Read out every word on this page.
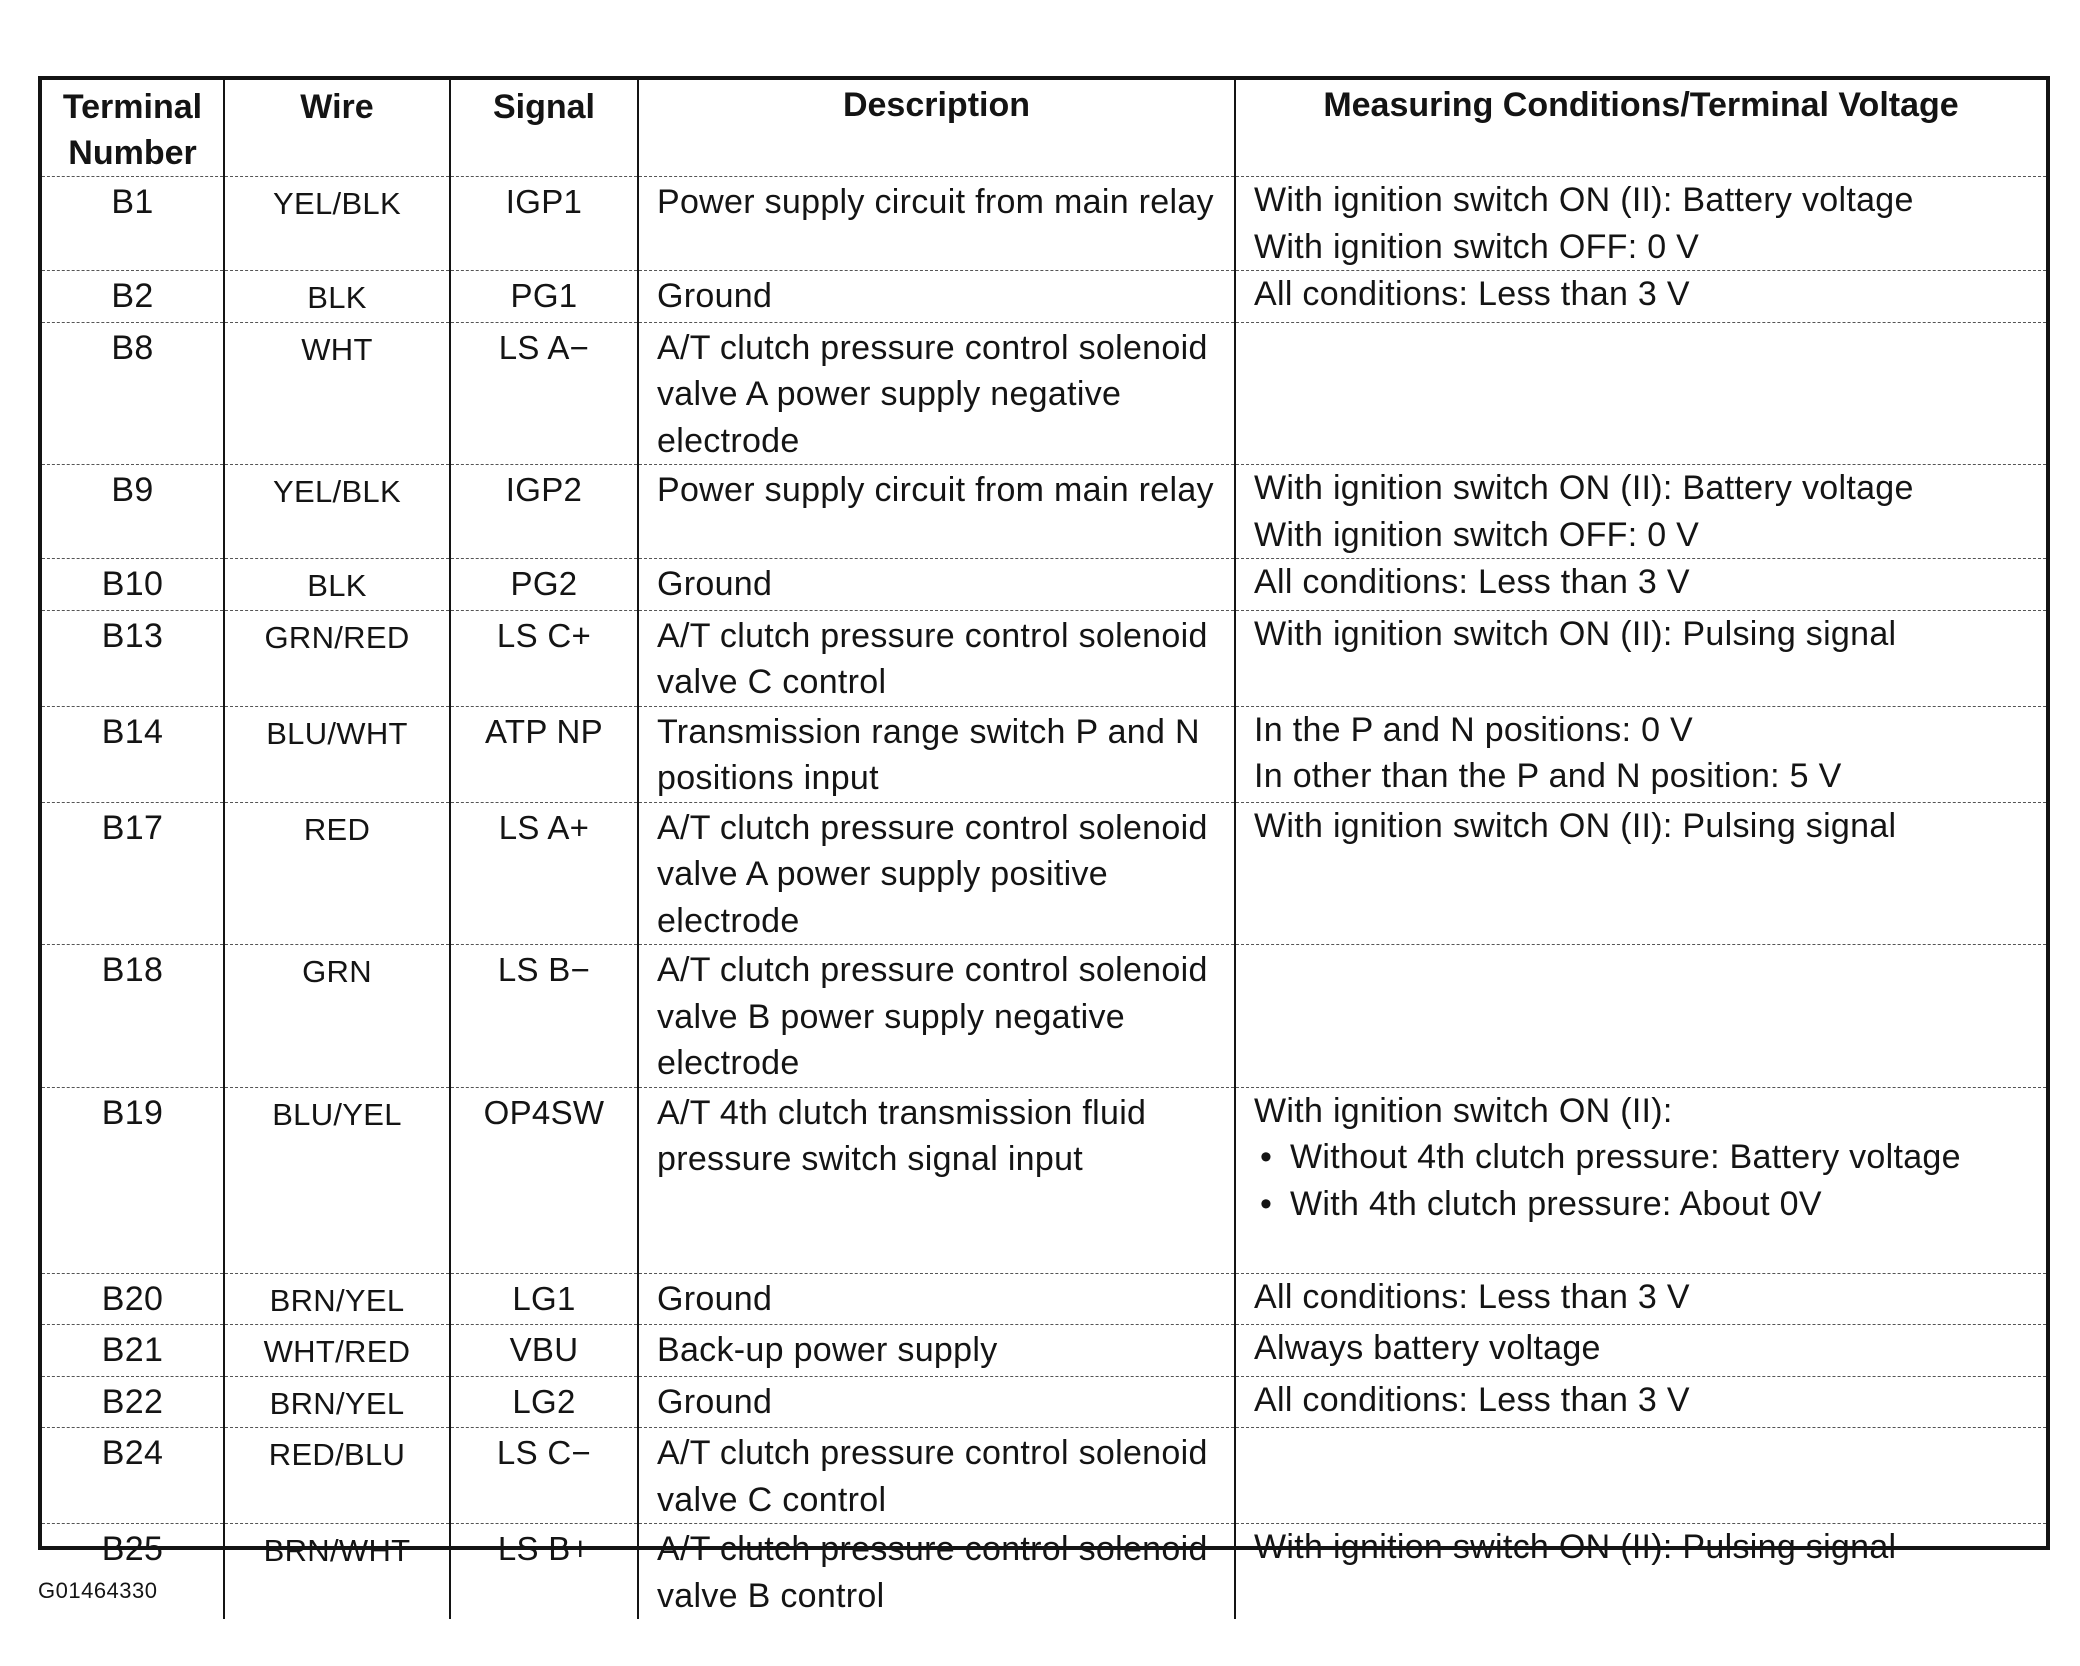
Terminal Number	Wire	Signal	Description	Measuring Conditions/Terminal Voltage
B1	YEL/BLK	IGP1	Power supply circuit from main relay	With ignition switch ON (II): Battery voltage
With ignition switch OFF: 0 V

B2	BLK	PG1	Ground	All conditions: Less than 3 V

B8	WHT	LS A−	A/T clutch pressure control solenoid valve A power supply negative electrode	
B9	YEL/BLK	IGP2	Power supply circuit from main relay	With ignition switch ON (II): Battery voltage
With ignition switch OFF: 0 V

B10	BLK	PG2	Ground	All conditions: Less than 3 V

B13	GRN/RED	LS C+	A/T clutch pressure control solenoid valve C control	With ignition switch ON (II): Pulsing signal

B14	BLU/WHT	ATP NP	Transmission range switch P and N positions input	In the P and N positions: 0 V
In other than the P and N position: 5 V

B17	RED	LS A+	A/T clutch pressure control solenoid valve A power supply positive electrode	With ignition switch ON (II): Pulsing signal

B18	GRN	LS B−	A/T clutch pressure control solenoid valve B power supply negative electrode	
B19	BLU/YEL	OP4SW	A/T 4th clutch transmission fluid pressure switch signal input	With ignition switch ON (II):
• Without 4th clutch pressure: Battery voltage
• With 4th clutch pressure: About 0V

B20	BRN/YEL	LG1	Ground	All conditions: Less than 3 V

B21	WHT/RED	VBU	Back-up power supply	Always battery voltage

B22	BRN/YEL	LG2	Ground	All conditions: Less than 3 V

B24	RED/BLU	LS C−	A/T clutch pressure control solenoid valve C control	
B25	BRN/WHT	LS B+	A/T clutch pressure control solenoid valve B control	With ignition switch ON (II): Pulsing signal
G01464330
